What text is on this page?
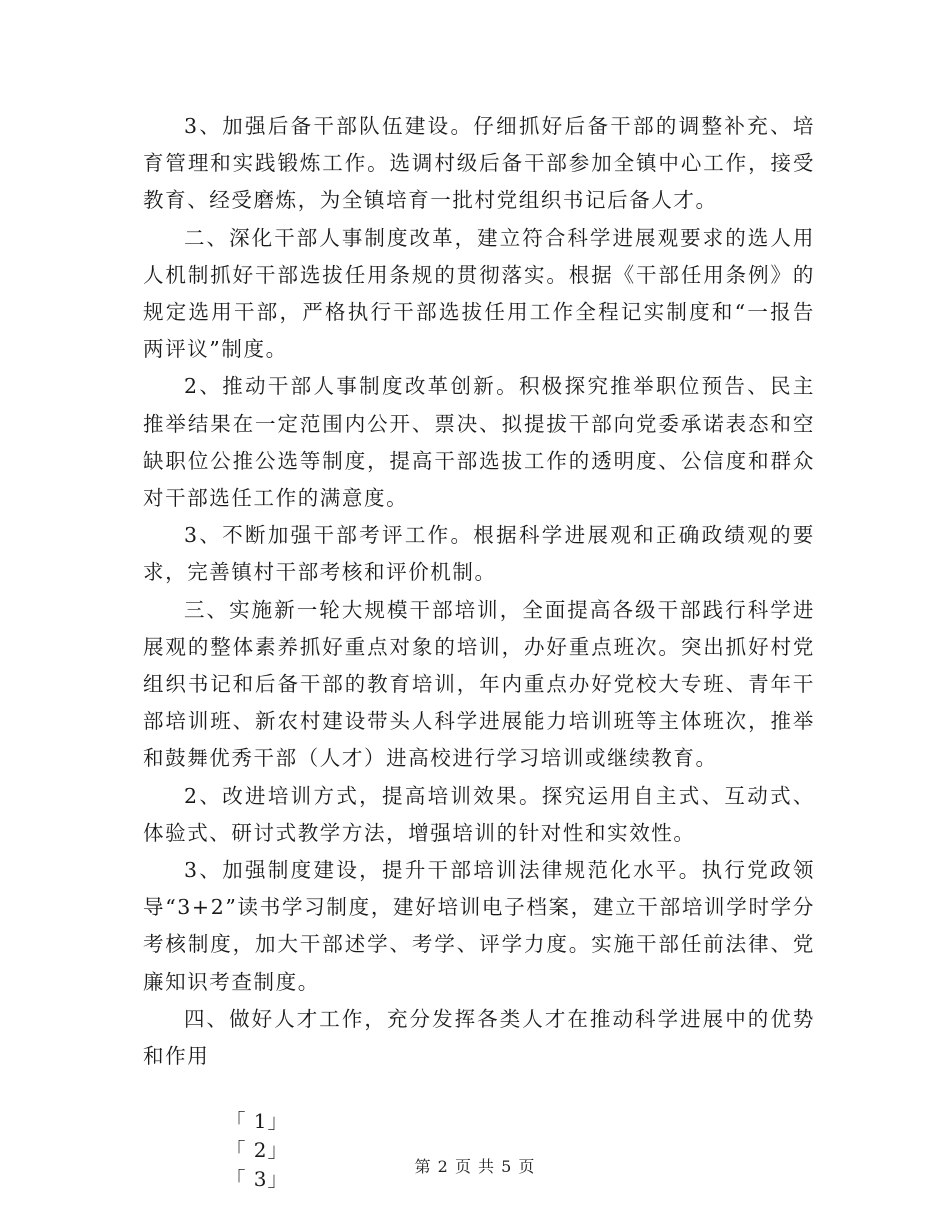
3、加强后备干部队伍建设。仔细抓好后备干部的调整补充、培育管理和实践锻炼工作。选调村级后备干部参加全镇中心工作，接受教育、经受磨炼，为全镇培育一批村党组织书记后备人才。

二、深化干部人事制度改革，建立符合科学进展观要求的选人用人机制抓好干部选拔任用条规的贯彻落实。根据《干部任用条例》的规定选用干部，严格执行干部选拔任用工作全程记实制度和“一报告两评议”制度。

2、推动干部人事制度改革创新。积极探究推举职位预告、民主推举结果在一定范围内公开、票决、拟提拔干部向党委承诺表态和空缺职位公推公选等制度，提高干部选拔工作的透明度、公信度和群众对干部选任工作的满意度。

3、不断加强干部考评工作。根据科学进展观和正确政绩观的要求，完善镇村干部考核和评价机制。

三、实施新一轮大规模干部培训，全面提高各级干部践行科学进展观的整体素养抓好重点对象的培训，办好重点班次。突出抓好村党组织书记和后备干部的教育培训，年内重点办好党校大专班、青年干部培训班、新农村建设带头人科学进展能力培训班等主体班次，推举和鼓舞优秀干部（人才）进高校进行学习培训或继续教育。

2、改进培训方式，提高培训效果。探究运用自主式、互动式、体验式、研讨式教学方法，增强培训的针对性和实效性。

3、加强制度建设，提升干部培训法律规范化水平。执行党政领导“3+2”读书学习制度，建好培训电子档案，建立干部培训学时学分考核制度，加大干部述学、考学、评学力度。实施干部任前法律、党廉知识考查制度。

四、做好人才工作，充分发挥各类人才在推动科学进展中的优势和作用

「 1」
「 2」
「 3」

第 2 页 共 5 页
